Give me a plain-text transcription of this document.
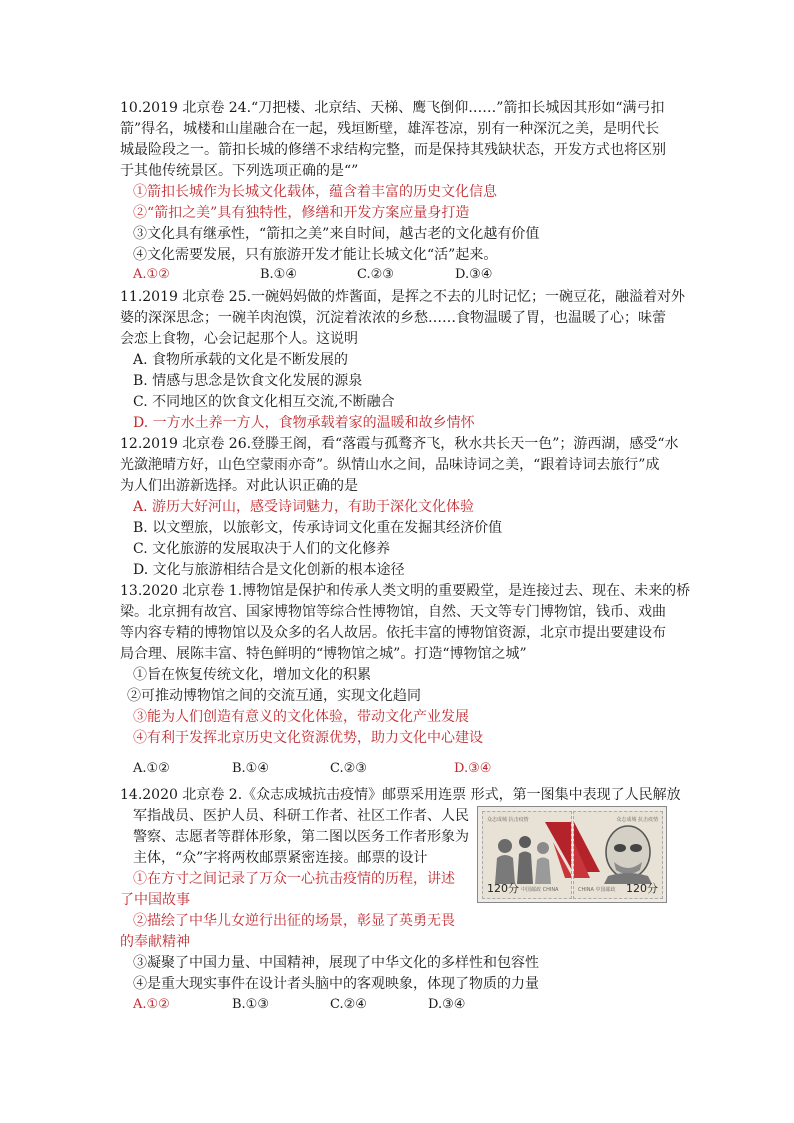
10.2019 北京卷 24.“刀把楼、北京结、天梯、鹰飞倒仰……”箭扣长城因其形如“满弓扣
箭”得名，城楼和山崖融合在一起，残垣断壁，雄浑苍凉，别有一种深沉之美，是明代长
城最险段之一。箭扣长城的修缮不求结构完整，而是保持其残缺状态，开发方式也将区别
于其他传统景区。下列选项正确的是“”
①箭扣长城作为长城文化载体，蕴含着丰富的历史文化信息
②“箭扣之美”具有独特性，修缮和开发方案应量身打造
③文化具有继承性，“箭扣之美”来自时间，越古老的文化越有价值
④文化需要发展，只有旅游开发才能让长城文化“活”起来。
A.①②	B.①④	C.②③	D.③④
11.2019 北京卷 25.一碗妈妈做的炸酱面，是挥之不去的儿时记忆；一碗豆花，融溢着对外
婆的深深思念；一碗羊肉泡馍，沉淀着浓浓的乡愁……食物温暖了胃，也温暖了心；味蕾
会恋上食物，心会记起那个人。这说明
A. 食物所承载的文化是不断发展的
B. 情感与思念是饮食文化发展的源泉
C. 不同地区的饮食文化相互交流,不断融合
D. 一方水土养一方人，食物承载着家的温暖和故乡情怀
12.2019 北京卷 26.登滕王阁，看“落霞与孤鹜齐飞，秋水共长天一色”；游西湖，感受“水
光潋滟晴方好，山色空蒙雨亦奇”。纵情山水之间，品味诗词之美，“跟着诗词去旅行”成
为人们出游新选择。对此认识正确的是
A. 游历大好河山，感受诗词魅力，有助于深化文化体验
B. 以文塑旅，以旅彰文，传承诗词文化重在发掘其经济价值
C. 文化旅游的发展取决于人们的文化修养
D. 文化与旅游相结合是文化创新的根本途径
13.2020 北京卷 1.博物馆是保护和传承人类文明的重要殿堂，是连接过去、现在、未来的桥
梁。北京拥有故宫、国家博物馆等综合性博物馆，自然、天文等专门博物馆，钱币、戏曲
等内容专精的博物馆以及众多的名人故居。依托丰富的博物馆资源，北京市提出要建设布
局合理、展陈丰富、特色鲜明的“博物馆之城”。打造“博物馆之城”
①旨在恢复传统文化，增加文化的积累
②可推动博物馆之间的交流互通，实现文化趋同
③能为人们创造有意义的文化体验，带动文化产业发展
④有利于发挥北京历史文化资源优势，助力文化中心建设
A.①②	B.①④	C.②③	D.③④
14.2020 北京卷 2.《众志成城抗击疫情》邮票采用连票 形式，第一图集中表现了人民解放
军指战员、医护人员、科研工作者、社区工作者、人民
警察、志愿者等群体形象，第二图以医务工作者形象为
主体，“众”字将两枚邮票紧密连接。邮票的设计
①在方寸之间记录了万众一心抗击疫情的历程，讲述
了中国故事
②描绘了中华儿女逆行出征的场景，彰显了英勇无畏
的奉献精神
③凝聚了中国力量、中国精神，展现了中华文化的多样性和包容性
④是重大现实事件在设计者头脑中的客观映象，体现了物质的力量
A.①②	B.①③	C.②④	D.③④
众志成城 抗击疫情
120分 中国邮政 CHINA
众志成城 抗击疫情
CHINA 中国邮政 120分
